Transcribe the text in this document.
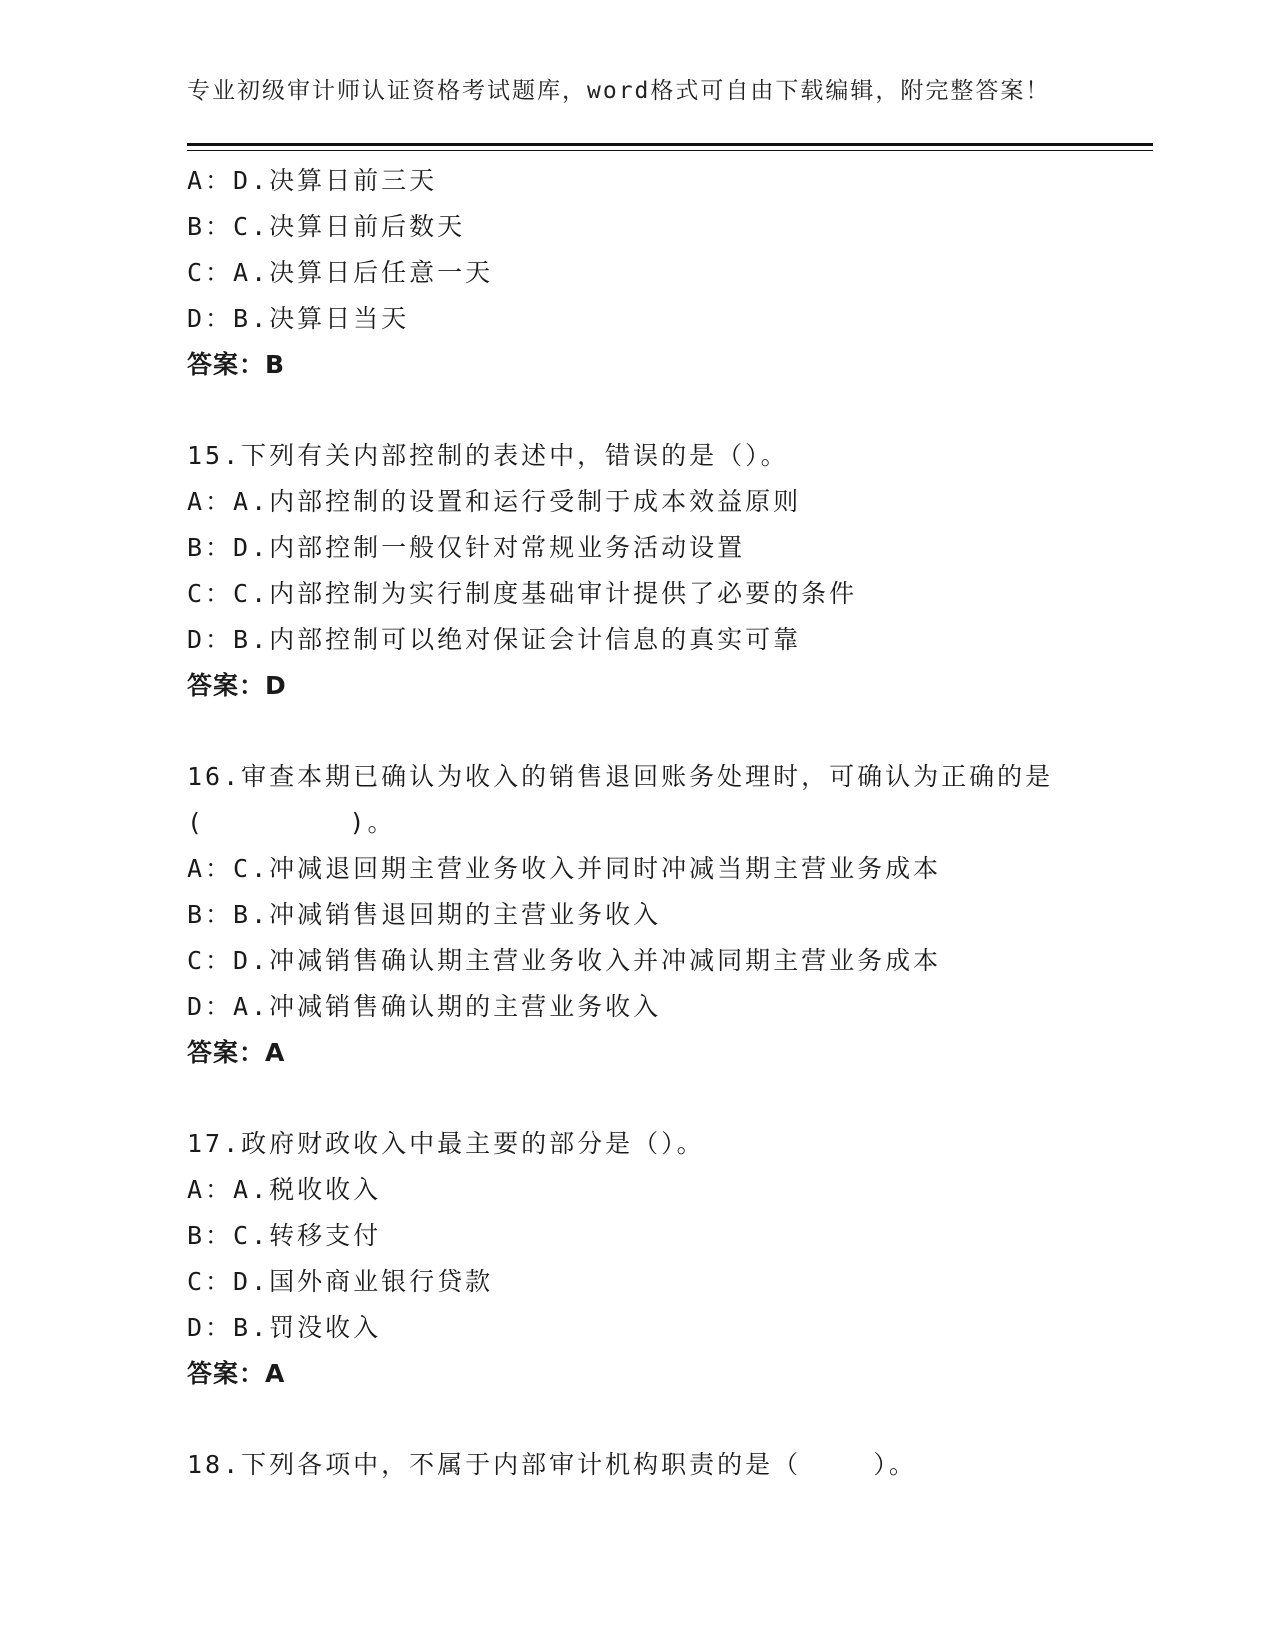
专业初级审计师认证资格考试题库，word格式可自由下载编辑，附完整答案！
A：D.决算日前三天
B：C.决算日前后数天
C：A.决算日后任意一天
D：B.决算日当天
答案：B
15.下列有关内部控制的表述中，错误的是（）。
A：A.内部控制的设置和运行受制于成本效益原则
B：D.内部控制一般仅针对常规业务活动设置
C：C.内部控制为实行制度基础审计提供了必要的条件
D：B.内部控制可以绝对保证会计信息的真实可靠
答案：D
16.审查本期已确认为收入的销售退回账务处理时，可确认为正确的是
(        )。
A：C.冲减退回期主营业务收入并同时冲减当期主营业务成本
B：B.冲减销售退回期的主营业务收入
C：D.冲减销售确认期主营业务收入并冲减同期主营业务成本
D：A.冲减销售确认期的主营业务收入
答案：A
17.政府财政收入中最主要的部分是（）。
A：A.税收收入
B：C.转移支付
C：D.国外商业银行贷款
D：B.罚没收入
答案：A
18.下列各项中，不属于内部审计机构职责的是（    ）。
